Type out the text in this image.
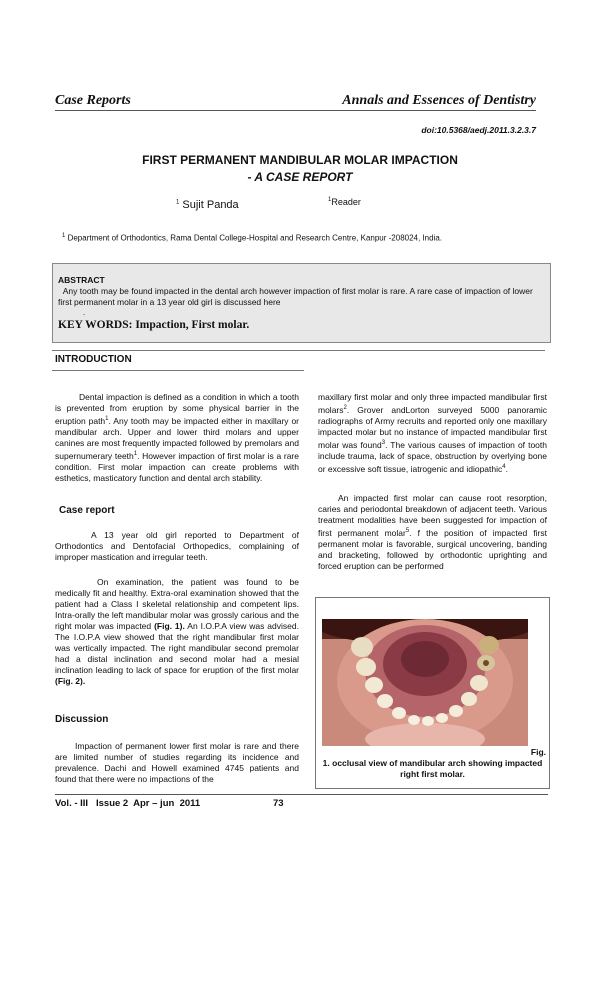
Case Reports	Annals and Essences of Dentistry
doi:10.5368/aedj.2011.3.2.3.7
FIRST PERMANENT MANDIBULAR MOLAR IMPACTION
- A CASE REPORT
$^1$ Sujit Panda	$^1$Reader
$^1$ Department of Orthodontics, Rama Dental College-Hospital and Research Centre, Kanpur -208024, India.
ABSTRACT
Any tooth may be found impacted in the dental arch however impaction of first molar is rare. A rare case of impaction of lower first permanent molar in a 13 year old girl is discussed here
.
KEY WORDS: Impaction, First molar.
INTRODUCTION

Dental impaction is defined as a condition in which a tooth is prevented from eruption by some physical barrier in the eruption path$^1$. Any tooth may be impacted either in maxillary or mandibular arch. Upper and lower third molars and upper canines are most frequently impacted followed by premolars and supernumerary teeth$^1$. However impaction of first molar is a rare condition. First molar impaction can create problems with esthetics, masticatory function and dental arch stability.

Case report

A 13 year old girl reported to Department of Orthodontics and Dentofacial Orthopedics, complaining of improper mastication and irregular teeth.

On examination, the patient was found to be medically fit and healthy. Extra-oral examination showed that the patient had a Class I skeletal relationship and competent lips. Intra-orally the left mandibular molar was grossly carious and the right molar was impacted (Fig. 1). An I.O.P.A view was advised. The I.O.P.A view showed that the right mandibular first molar was vertically impacted. The right mandibular second premolar had a distal inclination and second molar had a mesial inclination leading to lack of space for eruption of the first molar (Fig. 2).

Discussion

Impaction of permanent lower first molar is rare and there are limited number of studies regarding its incidence and prevalence. Dachi and Howell examined 4745 patients and found that there were no impactions of the

maxillary first molar and only three impacted mandibular first molars$^2$. Grover andLorton surveyed 5000 panoramic radiographs of Army recruits and reported only one maxillary impacted molar but no instance of impacted mandibular first molar was found$^3$. The various causes of impaction of tooth include trauma, lack of space, obstruction by overlying bone or excessive soft tissue, iatrogenic and idiopathic$^4$.

An impacted first molar can cause root resorption, caries and periodontal breakdown of adjacent teeth. Various treatment modalities have been suggested for impaction of first permanent molar$^5$. f the position of impacted first permanent molar is favorable, surgical uncovering, banding and bracketing, followed by orthodontic uprighting and forced eruption can be performed

Fig.
1. occlusal view of mandibular arch showing impacted right first molar.
Vol. - III   Issue 2  Apr – jun  2011	73
